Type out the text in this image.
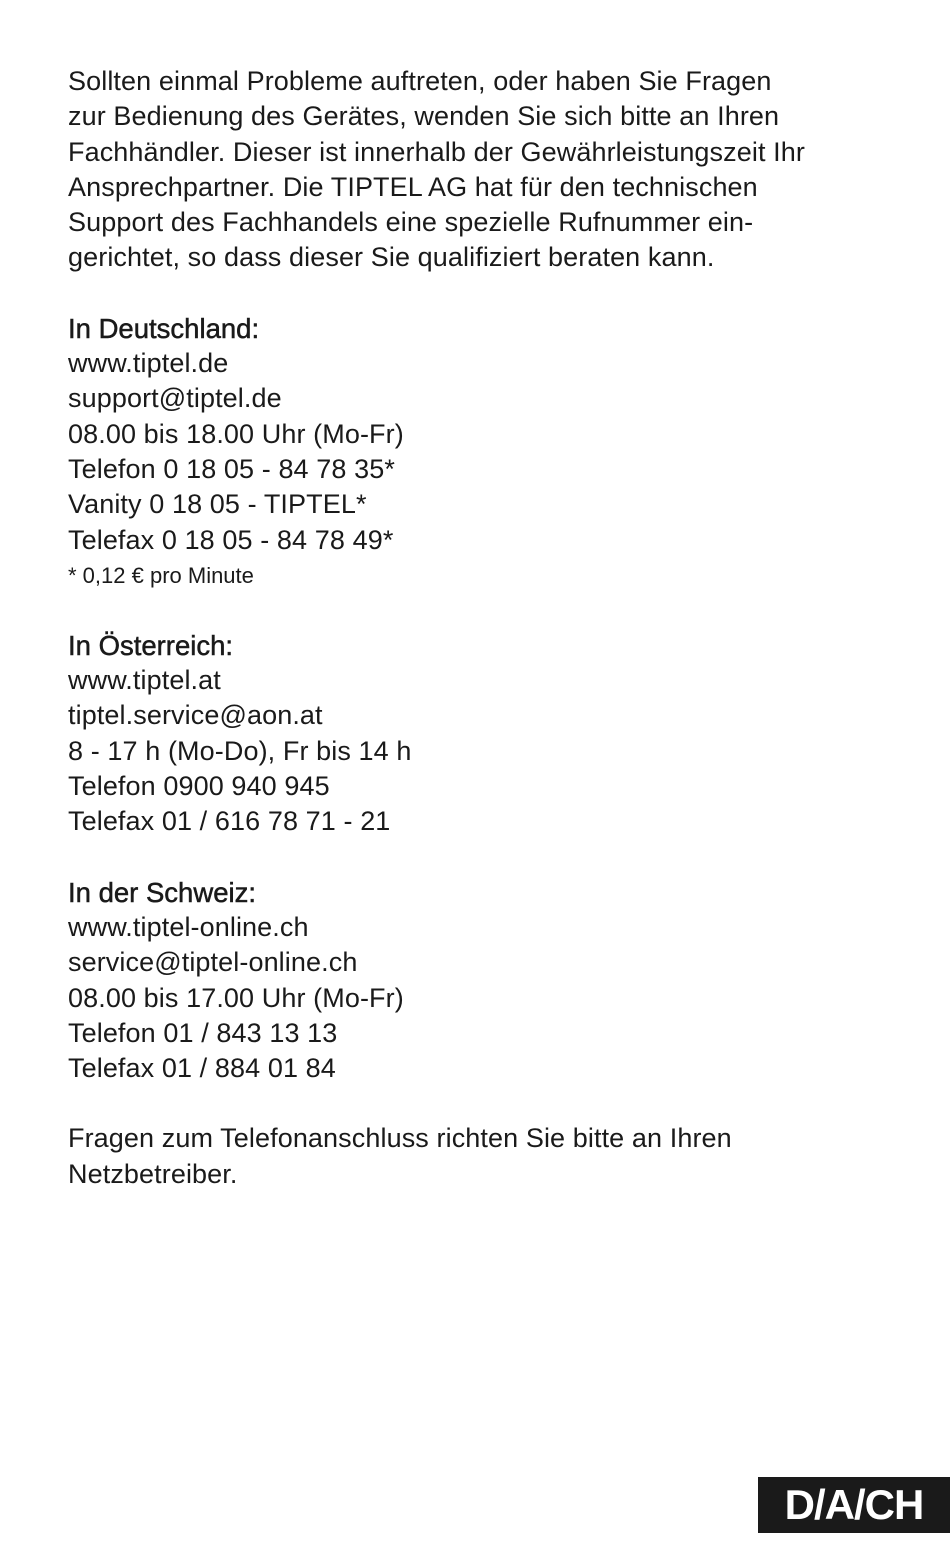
Sollten einmal Probleme auftreten, oder haben Sie Fragen
zur Bedienung des Gerätes, wenden Sie sich bitte an Ihren
Fachhändler. Dieser ist innerhalb der Gewährleistungszeit Ihr
Ansprechpartner. Die TIPTEL AG hat für den technischen
Support des Fachhandels eine spezielle Rufnummer ein-
gerichtet, so dass dieser Sie qualifiziert beraten kann.
In Deutschland:
www.tiptel.de
support@tiptel.de
08.00 bis 18.00 Uhr (Mo-Fr)
Telefon 0 18 05 - 84 78 35*
Vanity 0 18 05 - TIPTEL*
Telefax 0 18 05 - 84 78 49*
* 0,12 € pro Minute
In Österreich:
www.tiptel.at
tiptel.service@aon.at
8 - 17 h (Mo-Do), Fr bis 14 h
Telefon 0900 940 945
Telefax 01 / 616 78 71 - 21
In der Schweiz:
www.tiptel-online.ch
service@tiptel-online.ch
08.00 bis 17.00 Uhr (Mo-Fr)
Telefon 01 / 843 13 13
Telefax 01 / 884 01 84
Fragen zum Telefonanschluss richten Sie bitte an Ihren
Netzbetreiber.
D/A/CH
